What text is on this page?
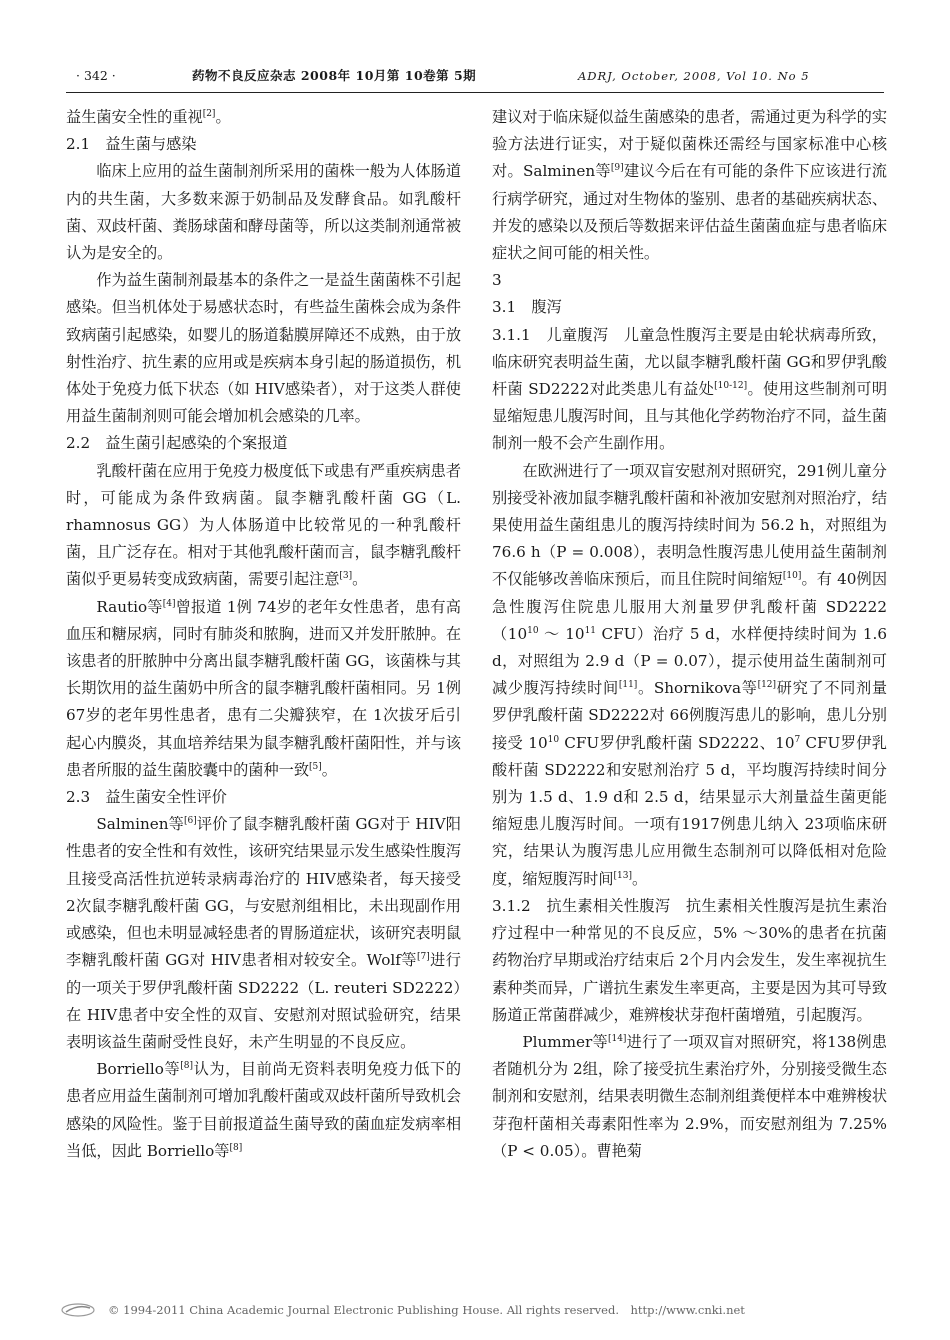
· 342 ·	药物不良反应杂志 2008年 10月第 10卷第 5期	ADRJ, October, 2008, Vol 10. No 5

益生菌安全性的重视[2]。

2.1　益生菌与感染

临床上应用的益生菌制剂所采用的菌株一般为人体肠道内的共生菌，大多数来源于奶制品及发酵食品。如乳酸杆菌、双歧杆菌、粪肠球菌和酵母菌等，所以这类制剂通常被认为是安全的。

作为益生菌制剂最基本的条件之一是益生菌菌株不引起感染。但当机体处于易感状态时，有些益生菌株会成为条件致病菌引起感染，如婴儿的肠道黏膜屏障还不成熟，由于放射性治疗、抗生素的应用或是疾病本身引起的肠道损伤，机体处于免疫力低下状态（如 HIV感染者），对于这类人群使用益生菌制剂则可能会增加机会感染的几率。

2.2　益生菌引起感染的个案报道

乳酸杆菌在应用于免疫力极度低下或患有严重疾病患者时，可能成为条件致病菌。鼠李糖乳酸杆菌 GG（L. rhamnosus GG）为人体肠道中比较常见的一种乳酸杆菌，且广泛存在。相对于其他乳酸杆菌而言，鼠李糖乳酸杆菌似乎更易转变成致病菌，需要引起注意[3]。

Rautio等[4]曾报道 1例 74岁的老年女性患者，患有高血压和糖尿病，同时有肺炎和脓胸，进而又并发肝脓肿。在该患者的肝脓肿中分离出鼠李糖乳酸杆菌 GG，该菌株与其长期饮用的益生菌奶中所含的鼠李糖乳酸杆菌相同。另 1例 67岁的老年男性患者，患有二尖瓣狭窄，在 1次拔牙后引起心内膜炎，其血培养结果为鼠李糖乳酸杆菌阳性，并与该患者所服的益生菌胶囊中的菌种一致[5]。

2.3　益生菌安全性评价

Salminen等[6]评价了鼠李糖乳酸杆菌 GG对于 HIV阳性患者的安全性和有效性，该研究结果显示发生感染性腹泻且接受高活性抗逆转录病毒治疗的 HIV感染者，每天接受 2次鼠李糖乳酸杆菌 GG，与安慰剂组相比，未出现副作用或感染，但也未明显减轻患者的胃肠道症状，该研究表明鼠李糖乳酸杆菌 GG对 HIV患者相对较安全。Wolf等[7]进行的一项关于罗伊乳酸杆菌 SD2222（L. reuteri SD2222）在 HIV患者中安全性的双盲、安慰剂对照试验研究，结果表明该益生菌耐受性良好，未产生明显的不良反应。

Borriello等[8]认为，目前尚无资料表明免疫力低下的患者应用益生菌制剂可增加乳酸杆菌或双歧杆菌所导致机会感染的风险性。鉴于目前报道益生菌导致的菌血症发病率相当低，因此 Borriello等[8]

建议对于临床疑似益生菌感染的患者，需通过更为科学的实验方法进行证实，对于疑似菌株还需经与国家标准中心核对。Salminen等[9]建议今后在有可能的条件下应该进行流行病学研究，通过对生物体的鉴别、患者的基础疾病状态、并发的感染以及预后等数据来评估益生菌菌血症与患者临床症状之间可能的相关性。

3

3.1　腹泻

3.1.1　儿童腹泻　儿童急性腹泻主要是由轮状病毒所致，临床研究表明益生菌，尤以鼠李糖乳酸杆菌 GG和罗伊乳酸杆菌 SD2222对此类患儿有益处[10-12]。使用这些制剂可明显缩短患儿腹泻时间，且与其他化学药物治疗不同，益生菌制剂一般不会产生副作用。

在欧洲进行了一项双盲安慰剂对照研究，291例儿童分别接受补液加鼠李糖乳酸杆菌和补液加安慰剂对照治疗，结果使用益生菌组患儿的腹泻持续时间为 56.2 h，对照组为 76.6 h（P = 0.008），表明急性腹泻患儿使用益生菌制剂不仅能够改善临床预后，而且住院时间缩短[10]。有 40例因急性腹泻住院患儿服用大剂量罗伊乳酸杆菌 $SD2222(10^{10}$ ～ $10^{11}$ CFU）治疗 5 d，水样便持续时间为 1.6 d，对照组为 2.9 d（P = 0.07），提示使用益生菌制剂可减少腹泻持续时间[11]。Shornikova等[12]研究了不同剂量罗伊乳酸杆菌 SD2222对 66例腹泻患儿的影响，患儿分别接受 $10^{10}$ CFU罗伊乳酸杆菌 SD2222、$10^7$ CFU罗伊乳酸杆菌 SD2222和安慰剂治疗 5 d，平均腹泻持续时间分别为 1.5 d、1.9 d和 2.5 d，结果显示大剂量益生菌更能缩短患儿腹泻时间。一项有1917例患儿纳入 23项临床研究，结果认为腹泻患儿应用微生态制剂可以降低相对危险度，缩短腹泻时间[13]。

3.1.2　抗生素相关性腹泻　抗生素相关性腹泻是抗生素治疗过程中一种常见的不良反应，5% ～30%的患者在抗菌药物治疗早期或治疗结束后 2个月内会发生，发生率视抗生素种类而异，广谱抗生素发生率更高，主要是因为其可导致肠道正常菌群减少，难辨梭状芽孢杆菌增殖，引起腹泻。

Plummer等[14]进行了一项双盲对照研究，将138例患者随机分为 2组，除了接受抗生素治疗外，分别接受微生态制剂和安慰剂，结果表明微生态制剂组粪便样本中难辨梭状芽孢杆菌相关毒素阳性率为 2.9%，而安慰剂组为 7.25%（P < 0.05）。曹艳菊

© 1994-2011 China Academic Journal Electronic Publishing House. All rights reserved.　http://www.cnki.net
